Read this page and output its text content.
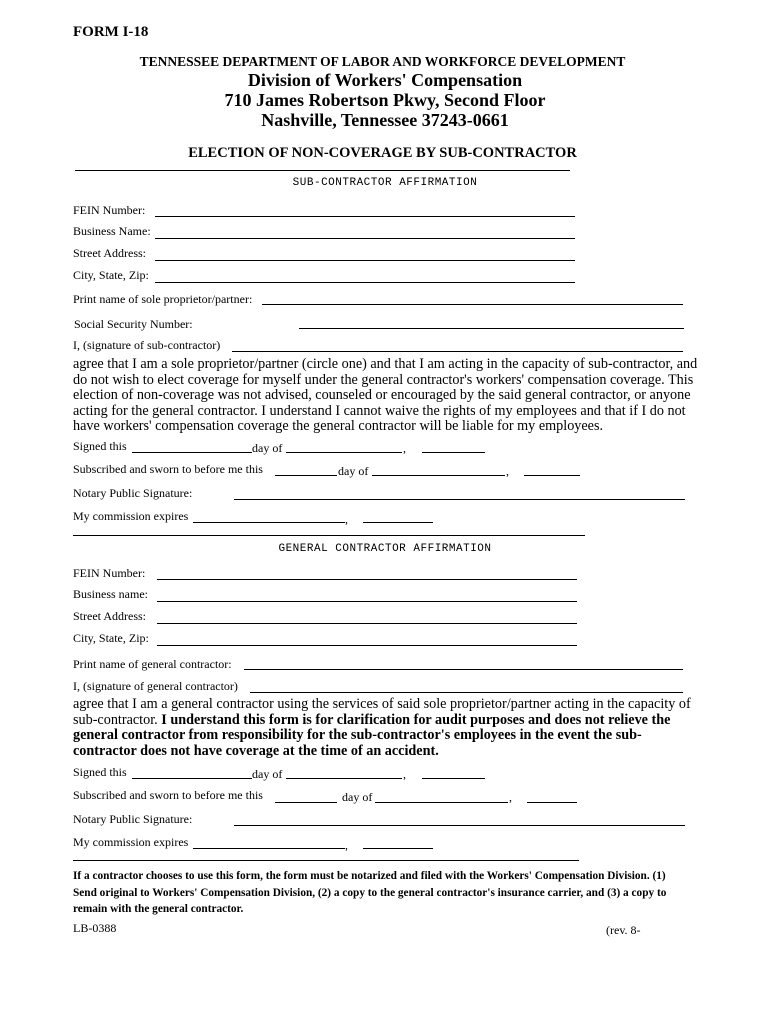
FORM I-18
TENNESSEE DEPARTMENT OF LABOR AND WORKFORCE DEVELOPMENT
Division of Workers' Compensation
710 James Robertson Pkwy, Second Floor
Nashville, Tennessee 37243-0661
ELECTION OF NON-COVERAGE BY SUB-CONTRACTOR
SUB-CONTRACTOR AFFIRMATION
FEIN Number:
Business Name:
Street Address:
City, State, Zip:
Print name of sole proprietor/partner:
Social Security Number:
I, (signature of sub-contractor)
agree that I am a sole proprietor/partner (circle one) and that I am acting in the capacity of sub-contractor, and do not wish to elect coverage for myself under the general contractor's workers' compensation coverage. This election of non-coverage was not advised, counseled or encouraged by the said general contractor, or anyone acting for the general contractor. I understand I cannot waive the rights of my employees and that if I do not have workers' compensation coverage the general contractor will be liable for my employees.
Signed this	day of	,
Subscribed and sworn to before me this	day of	,
Notary Public Signature:
My commission expires	,
GENERAL CONTRACTOR AFFIRMATION
FEIN Number:
Business name:
Street Address:
City, State, Zip:
Print name of general contractor:
I, (signature of general contractor)
agree that I am a general contractor using the services of said sole proprietor/partner acting in the capacity of sub-contractor. I understand this form is for clarification for audit purposes and does not relieve the general contractor from responsibility for the sub-contractor's employees in the event the sub-contractor does not have coverage at the time of an accident.
Signed this	day of	,
Subscribed and sworn to before me this	day of	,
Notary Public Signature:
My commission expires	,
If a contractor chooses to use this form, the form must be notarized and filed with the Workers' Compensation Division. (1) Send original to Workers' Compensation Division, (2) a copy to the general contractor's insurance carrier, and (3) a copy to remain with the general contractor.
LB-0388	(rev. 8-
